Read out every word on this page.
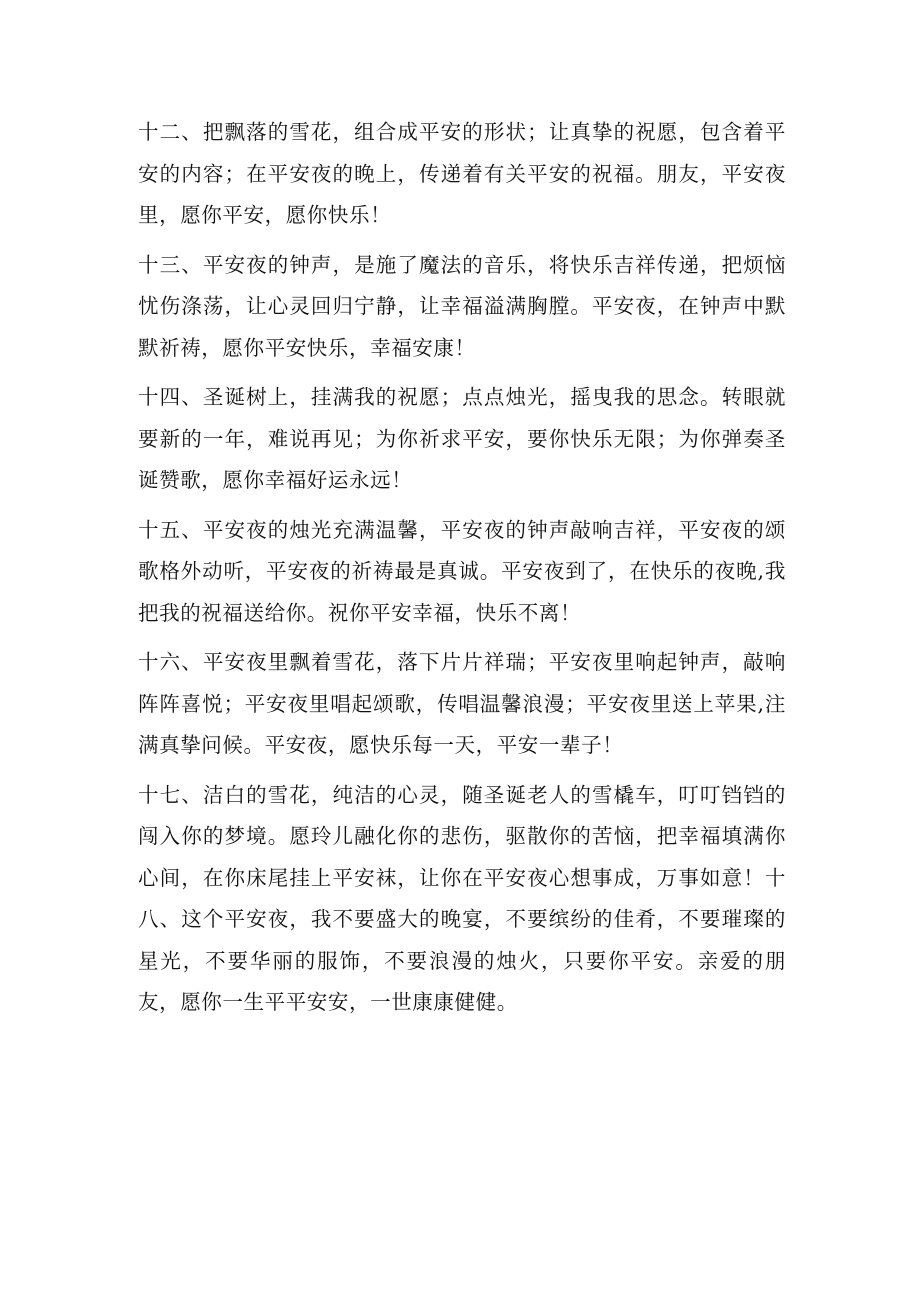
十二、把飘落的雪花，组合成平安的形状；让真挚的祝愿，包含着平安的内容；在平安夜的晚上，传递着有关平安的祝福。朋友，平安夜里，愿你平安，愿你快乐！

十三、平安夜的钟声，是施了魔法的音乐，将快乐吉祥传递，把烦恼忧伤涤荡，让心灵回归宁静，让幸福溢满胸膛。平安夜，在钟声中默默祈祷，愿你平安快乐，幸福安康！

十四、圣诞树上，挂满我的祝愿；点点烛光，摇曳我的思念。转眼就要新的一年，难说再见；为你祈求平安，要你快乐无限；为你弹奏圣诞赞歌，愿你幸福好运永远！

十五、平安夜的烛光充满温馨，平安夜的钟声敲响吉祥，平安夜的颂歌格外动听，平安夜的祈祷最是真诚。平安夜到了，在快乐的夜晚,我把我的祝福送给你。祝你平安幸福，快乐不离！

十六、平安夜里飘着雪花，落下片片祥瑞；平安夜里响起钟声，敲响阵阵喜悦；平安夜里唱起颂歌，传唱温馨浪漫；平安夜里送上苹果,注满真挚问候。平安夜，愿快乐每一天，平安一辈子！

十七、洁白的雪花，纯洁的心灵，随圣诞老人的雪橇车，叮叮铛铛的闯入你的梦境。愿玲儿融化你的悲伤，驱散你的苦恼，把幸福填满你心间，在你床尾挂上平安袜，让你在平安夜心想事成，万事如意！十八、这个平安夜，我不要盛大的晚宴，不要缤纷的佳肴，不要璀璨的星光，不要华丽的服饰，不要浪漫的烛火，只要你平安。亲爱的朋友，愿你一生平平安安，一世康康健健。
